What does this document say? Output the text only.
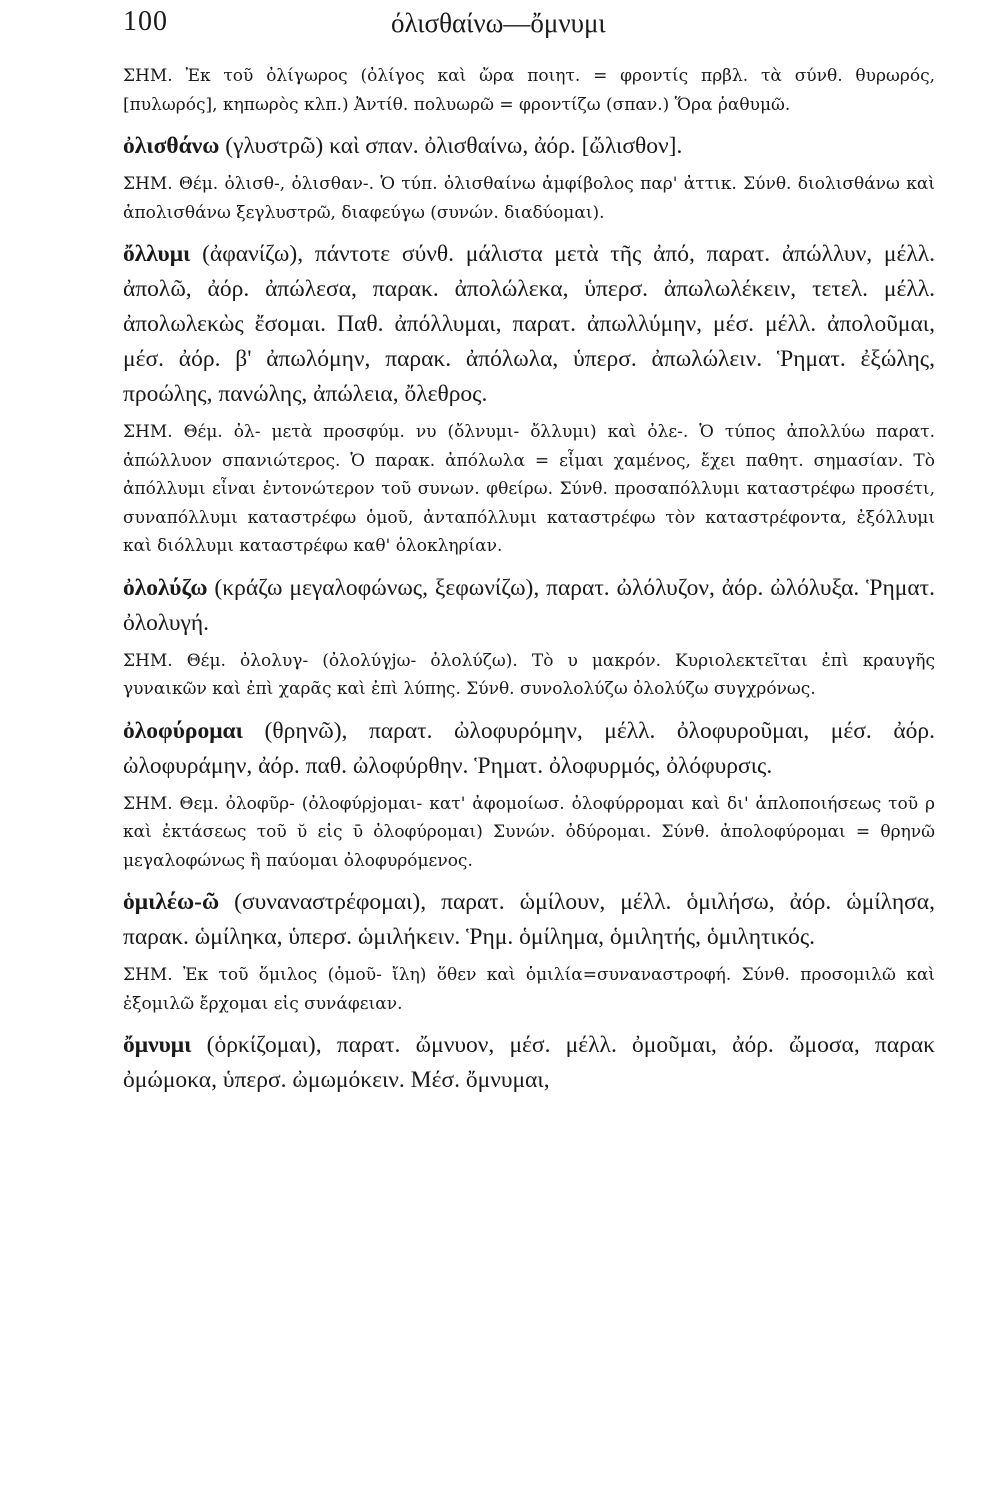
100	όλισθαίνω—ὄμνυμι

ΣΗΜ. Ἐκ τοῦ ὀλίγωρος (ὀλίγος καὶ ὤρα ποιητ. = φροντίς πρβλ. τὰ σύνθ. θυρωρός, [πυλωρός], κηπωρὸς κλπ.) Ἀντίθ. πολυωρῶ = φροντίζω (σπαν.) Ὅρα ῥαθυμῶ.

ὀλισθάνω (γλυστρῶ) καὶ σπαν. ὀλισθαίνω, ἀόρ. [ὤλισθον].

ΣΗΜ. Θέμ. ὀλισθ-, ὀλισθαν-. Ὁ τύπ. ὀλισθαίνω ἀμφίβολος παρ' ἀττικ. Σύνθ. διολισθάνω καὶ ἀπολισθάνω ξεγλυστρῶ, διαφεύγω (συνών. διαδύομαι).

ὄλλυμι (ἀφανίζω), πάντοτε σύνθ. μάλιστα μετὰ τῆς ἀπό, παρατ. ἀπώλλυν, μέλλ. ἀπολῶ, ἀόρ. ἀπώλεσα, παρακ. ἀπολώλεκα, ὑπερσ. ἀπωλωλέκειν, τετελ. μέλλ. ἀπολωλεκὼς ἔσομαι. Παθ. ἀπόλλυμαι, παρατ. ἀπωλλύμην, μέσ. μέλλ. ἀπολοῦμαι, μέσ. ἀόρ. β' ἀπωλόμην, παρακ. ἀπόλωλα, ὑπερσ. ἀπωλώλειν. Ῥηματ. ἐξώλης, προώλης, πανώλης, ἀπώλεια, ὄλεθρος.

ΣΗΜ. Θέμ. ὀλ- μετὰ προσφύμ. νυ (ὄλνυμι- ὄλλυμι) καὶ ὀλε-. Ὁ τύπος ἀπολλύω παρατ. ἀπώλλυον σπανιώτερος. Ὁ παρακ. ἀπόλωλα = εἶμαι χαμένος, ἔχει παθητ. σημασίαν. Τὸ ἀπόλλυμι εἶναι ἐντονώτερον τοῦ συνων. φθείρω. Σύνθ. προσαπόλλυμι καταστρέφω προσέτι, συναπόλλυμι καταστρέφω ὁμοῦ, ἀνταπόλλυμι καταστρέφω τὸν καταστρέφοντα, ἐξόλλυμι καὶ διόλλυμι καταστρέφω καθ' ὁλοκληρίαν.

ὀλολύζω (κράζω μεγαλοφώνως, ξεφωνίζω), παρατ. ὠλόλυζον, ἀόρ. ὠλόλυξα. Ῥηματ. ὀλολυγή.

ΣΗΜ. Θέμ. ὀλολυγ- (ὀλολύγjω- ὀλολύζω). Τὸ υ μακρόν. Κυριολεκτεῖται ἐπὶ κραυγῆς γυναικῶν καὶ ἐπὶ χαρᾶς καὶ ἐπὶ λύπης. Σύνθ. συνολολύζω ὀλολύζω συγχρόνως.

ὀλοφύρομαι (θρηνῶ), παρατ. ὠλοφυρόμην, μέλλ. ὀλοφυροῦμαι, μέσ. ἀόρ. ὠλοφυράμην, ἀόρ. παθ. ὠλοφύρθην. Ῥηματ. ὀλοφυρμός, ὀλόφυρσις.

ΣΗΜ. Θεμ. ὀλοφῦρ- (ὀλοφύρjομαι- κατ' ἀφομοίωσ. ὀλοφύρρομαι καὶ δι' ἁπλοποιήσεως τοῦ ρ καὶ ἐκτάσεως τοῦ ῠ εἰς ῡ ὀλοφύρομαι) Συνών. ὀδύρομαι. Σύνθ. ἀπολοφύρομαι = θρηνῶ μεγαλοφώνως ἢ παύομαι ὀλοφυρόμενος.

ὁμιλέω-ῶ (συναναστρέφομαι), παρατ. ὡμίλουν, μέλλ. ὁμιλήσω, ἀόρ. ὡμίλησα, παρακ. ὡμίληκα, ὑπερσ. ὡμιλήκειν. Ῥημ. ὁμίλημα, ὁμιλητής, ὁμιλητικός.

ΣΗΜ. Ἐκ τοῦ ὅμιλος (ὁμοῦ- ἴλη) ὅθεν καὶ ὁμιλία=συναναστροφή. Σύνθ. προσομιλῶ καὶ ἐξομιλῶ ἔρχομαι εἰς συνάφειαν.

ὄμνυμι (ὁρκίζομαι), παρατ. ὤμνυον, μέσ. μέλλ. ὀμοῦμαι, ἀόρ. ὤμοσα, παρακ ὀμώμοκα, ὑπερσ. ὠμωμόκειν. Μέσ. ὄμνυμαι,
